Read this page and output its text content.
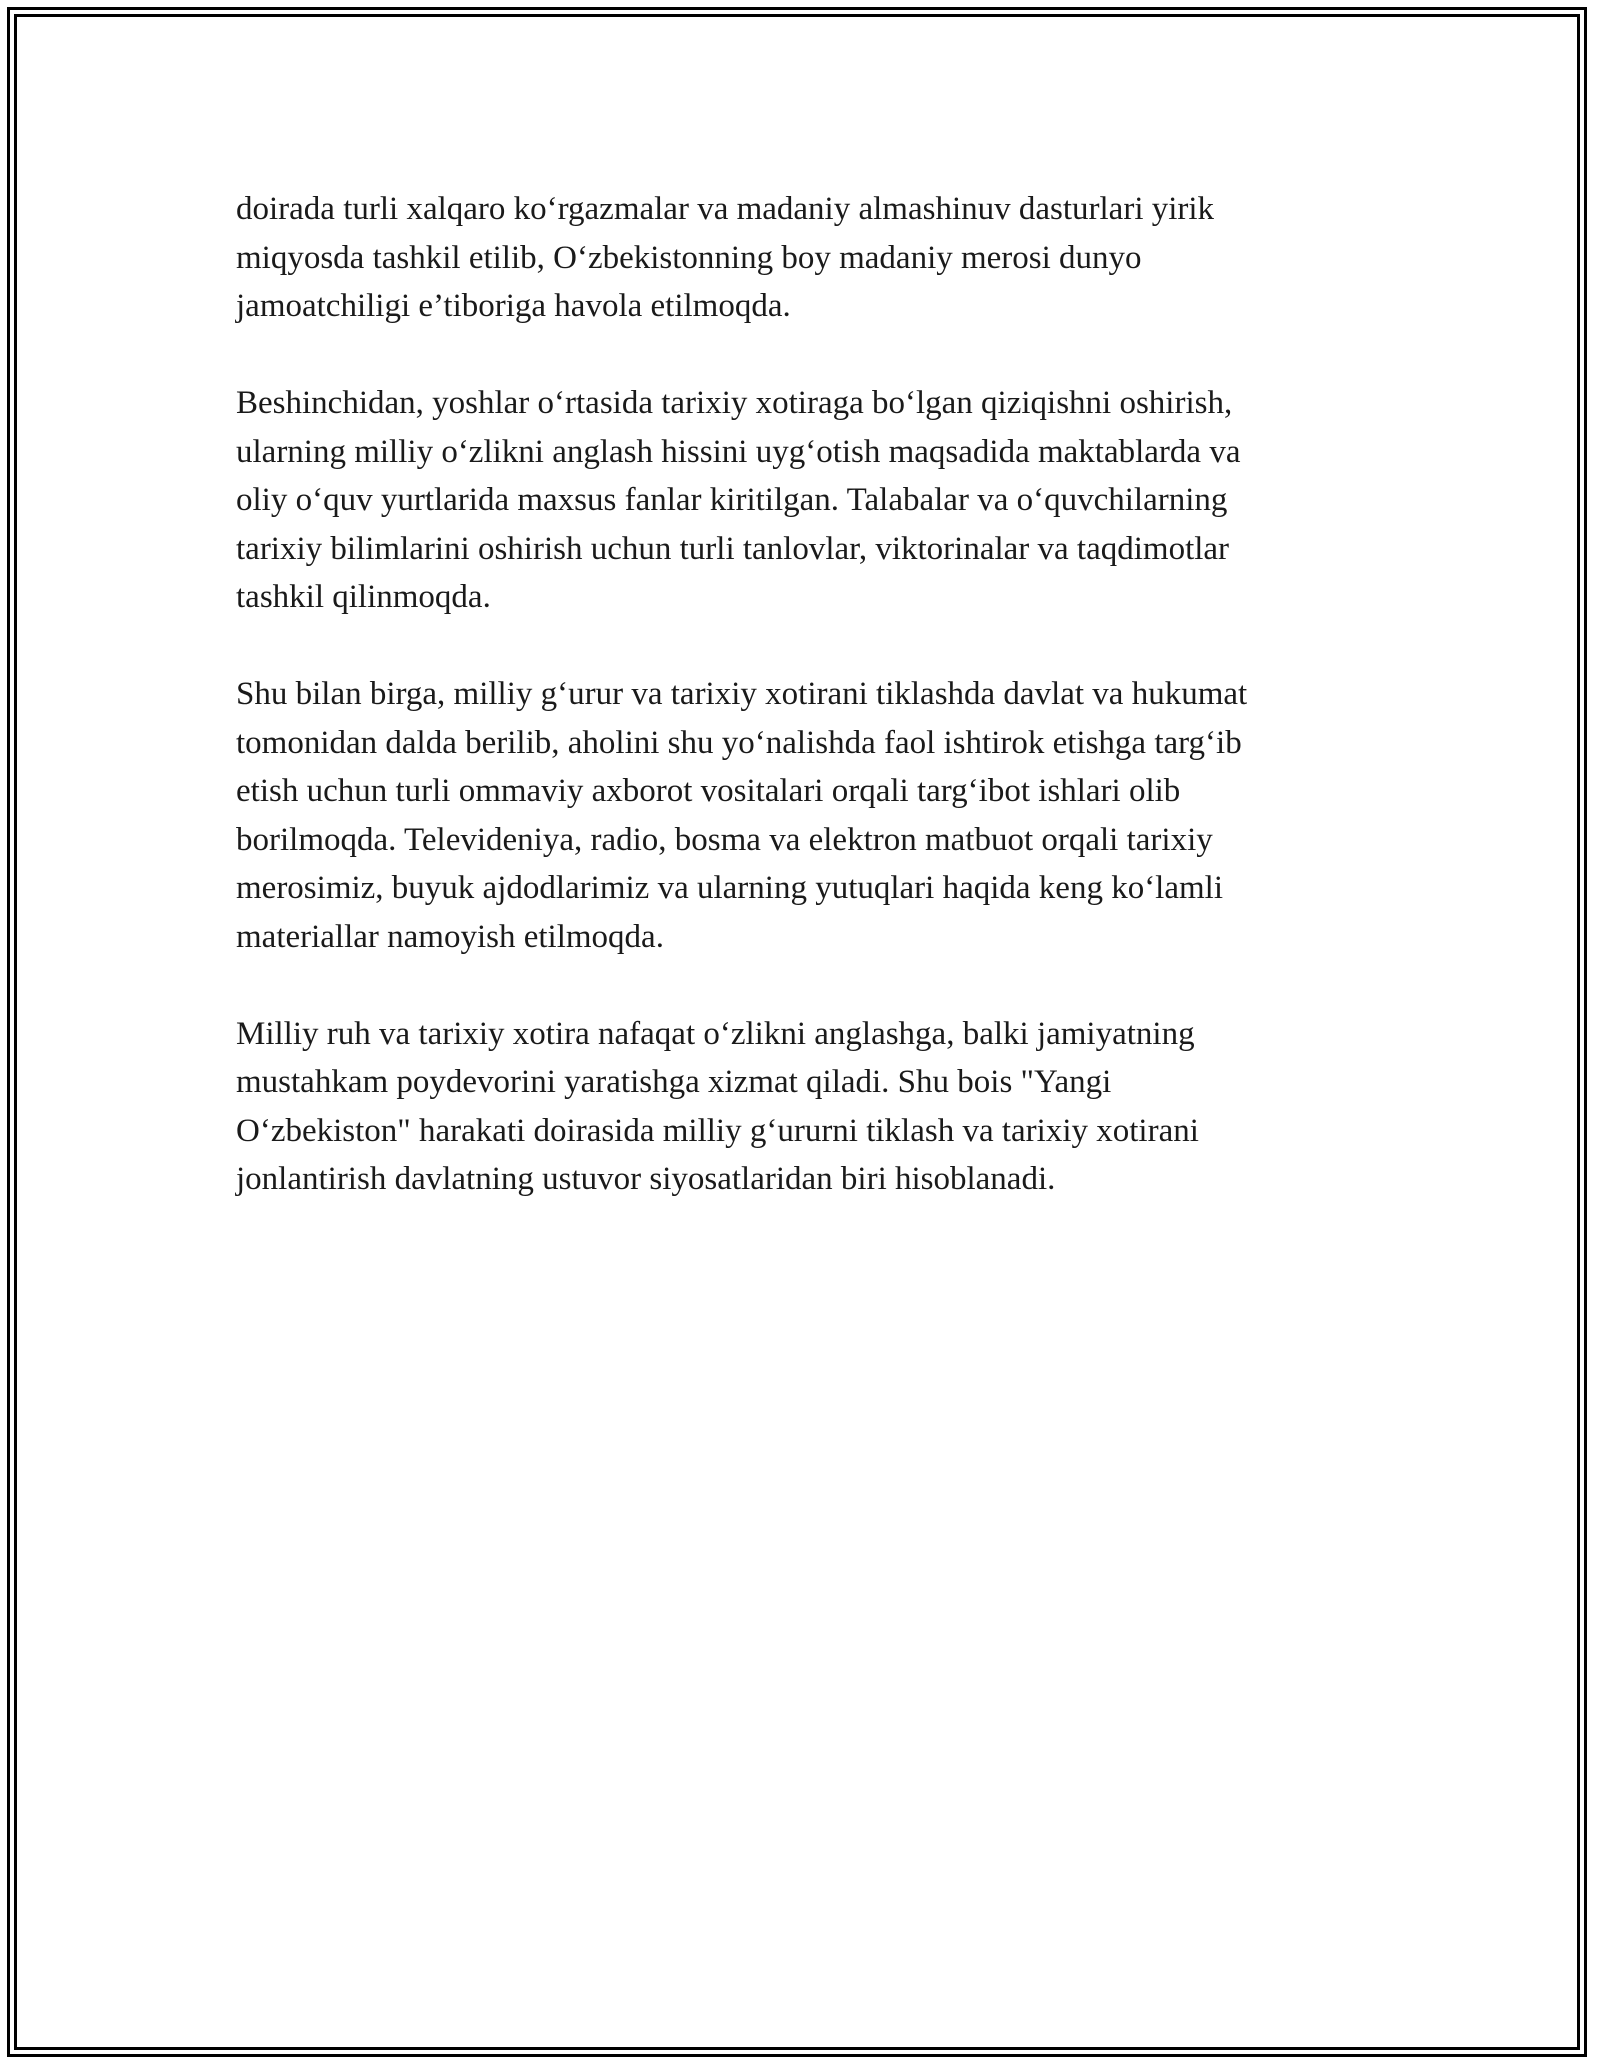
doirada turli xalqaro ko‘rgazmalar va madaniy almashinuv dasturlari yirik
miqyosda tashkil etilib, O‘zbekistonning boy madaniy merosi dunyo
jamoatchiligi e’tiboriga havola etilmoqda.

Beshinchidan, yoshlar o‘rtasida tarixiy xotiraga bo‘lgan qiziqishni oshirish,
ularning milliy o‘zlikni anglash hissini uyg‘otish maqsadida maktablarda va
oliy o‘quv yurtlarida maxsus fanlar kiritilgan. Talabalar va o‘quvchilarning
tarixiy bilimlarini oshirish uchun turli tanlovlar, viktorinalar va taqdimotlar
tashkil qilinmoqda.

Shu bilan birga, milliy g‘urur va tarixiy xotirani tiklashda davlat va hukumat
tomonidan dalda berilib, aholini shu yo‘nalishda faol ishtirok etishga targ‘ib
etish uchun turli ommaviy axborot vositalari orqali targ‘ibot ishlari olib
borilmoqda. Televideniya, radio, bosma va elektron matbuot orqali tarixiy
merosimiz, buyuk ajdodlarimiz va ularning yutuqlari haqida keng ko‘lamli
materiallar namoyish etilmoqda.

Milliy ruh va tarixiy xotira nafaqat o‘zlikni anglashga, balki jamiyatning
mustahkam poydevorini yaratishga xizmat qiladi. Shu bois "Yangi
O‘zbekiston" harakati doirasida milliy g‘ururni tiklash va tarixiy xotirani
jonlantirish davlatning ustuvor siyosatlaridan biri hisoblanadi.
